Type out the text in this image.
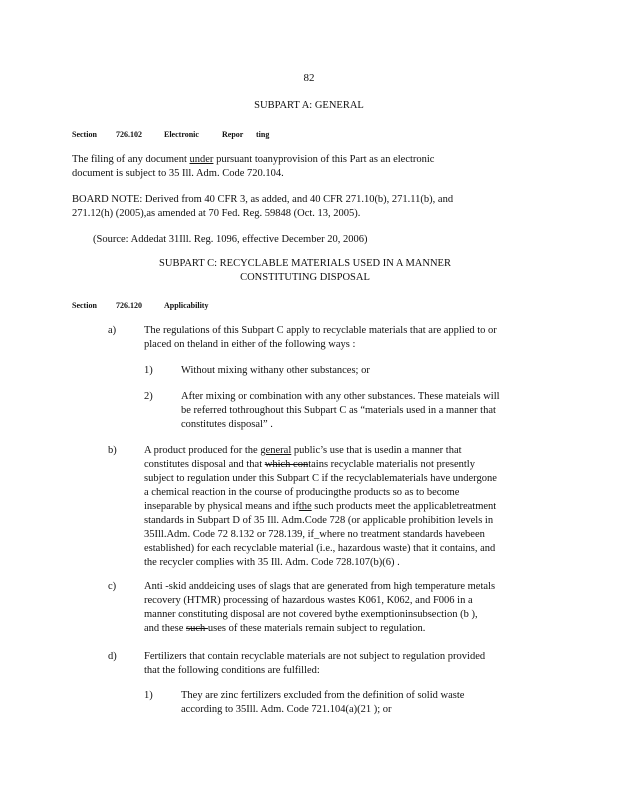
82
SUBPART A: GENERAL
Section 726.102	Electronic	Repor ting
The filing of any document under pursuant toanyprovision of this Part as an electronic
document is subject to 35 Ill. Adm. Code 720.104.
BOARD NOTE: Derived from 40 CFR 3, as added, and 40 CFR 271.10(b), 271.11(b), and
271.12(h) (2005),as amended at 70 Fed. Reg. 59848 (Oct. 13, 2005).
(Source: Addedat 31Ill. Reg. 1096, effective December 20, 2006)
SUBPART C: RECYCLABLE MATERIALS USED IN A MANNER
CONSTITUTING DISPOSAL
Section 726.120	Applicability
a)	The regulations of this Subpart C apply to recyclable materials that are applied to or
placed on theland in either of the following ways :
1)	Without mixing withany other substances; or
2)	After mixing or combination with any other substances. These mateials will
be referred tothroughout this Subpart C as “materials used in a manner that
constitutes disposal” .
b)	A product produced for the general public’s use that is usedin a manner that
constitutes disposal and that which contains recyclable materialis not presently
subject to regulation under this Subpart C if the recyclablematerials have undergone
a chemical reaction in the course of producingthe products so as to become
inseparable by physical means and ifthe such products meet the applicabletreatment
standards in Subpart D of 35 Ill. Adm.Code 728 (or applicable prohibition levels in
35Ill.Adm. Code 72 8.132 or 728.139, if_where no treatment standards havebeen
established) for each recyclable material (i.e., hazardous waste) that it contains, and
the recycler complies with 35 Ill. Adm. Code 728.107(b)(6) .
c)	Anti -skid anddeicing uses of slags that are generated from high temperature metals
recovery (HTMR) processing of hazardous wastes K061, K062, and F006 in a
manner constituting disposal are not covered bythe exemptioninsubsection (b ),
and these such uses of these materials remain subject to regulation.
d)	Fertilizers that contain recyclable materials are not subject to regulation provided
that the following conditions are fulfilled:
1)	They are zinc fertilizers excluded from the definition of solid waste
according to 35Ill. Adm. Code 721.104(a)(21 ); or
